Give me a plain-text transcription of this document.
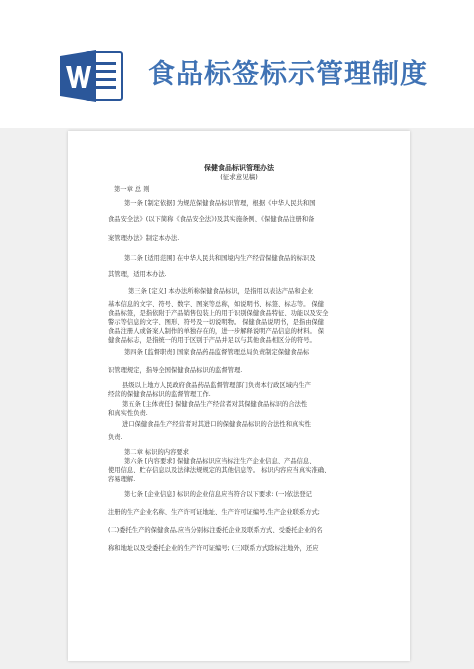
食品标签标示管理制度
保健食品标识管理办法
(征求意见稿)
第一章 总 则
第一条 [制定依据] 为规范保健食品标识管理，根据《中华人民共和国
食品安全法》(以下简称《食品安全法》)及其实施条例、《保健食品注册和备
案管理办法》制定本办法.
第二条 [适用范围] 在中华人民共和国境内生产经营保健食品的标识及
其管理，适用本办法.
第三条 [定义] 本办法所称保健食品标识，是指用以表达产品和企业
基本信息的文字、符号、数字、图案等总称，如说明书、标签、标志等。 保健
食品标签，是指依附于产品销售包装上的用于识别保健食品特征、功能以及安全
警示等信息的文字、图形、符号及一切说明物。 保健食品说明书，是指由保健
食品注册人或备案人制作的单独存在的，进一步解释说明产品信息的材料。 保
健食品标志，是指统一的用于区别于产品并足以与其他食品相区分的符号。
第四条 [监督职责] 国家食品药品监督管理总局负责制定保健食品标
识管理规定，指导全国保健食品标识的监督管理.
县级以上地方人民政府食品药品监督管理部门负责本行政区域内生产
经营的保健食品标识的监督管理工作.
第五条 [主体责任] 保健食品生产经营者对其保健食品标识的合法性
和真实性负责.
进口保健食品生产经营者对其进口的保健食品标识的合法性和真实性
负责.
第二章 标识的内容要求
第六条 [内容要求] 保健食品标识应当标注生产企业信息、产品信息、
使用信息、贮存信息以及法律法规规定的其他信息等。 标识内容应当真实准确、
容易理解.
第七条 [企业信息] 标识的企业信息应当符合以下要求: (一)依法登记
注册的生产企业名称、生产许可证地址、生产许可证编号,生产企业联系方式;
(二)委托生产的保健食品,应当分别标注委托企业及联系方式、受委托企业的名
称和地址以及受委托企业的生产许可证编号; (三)联系方式除标注地外，还应
